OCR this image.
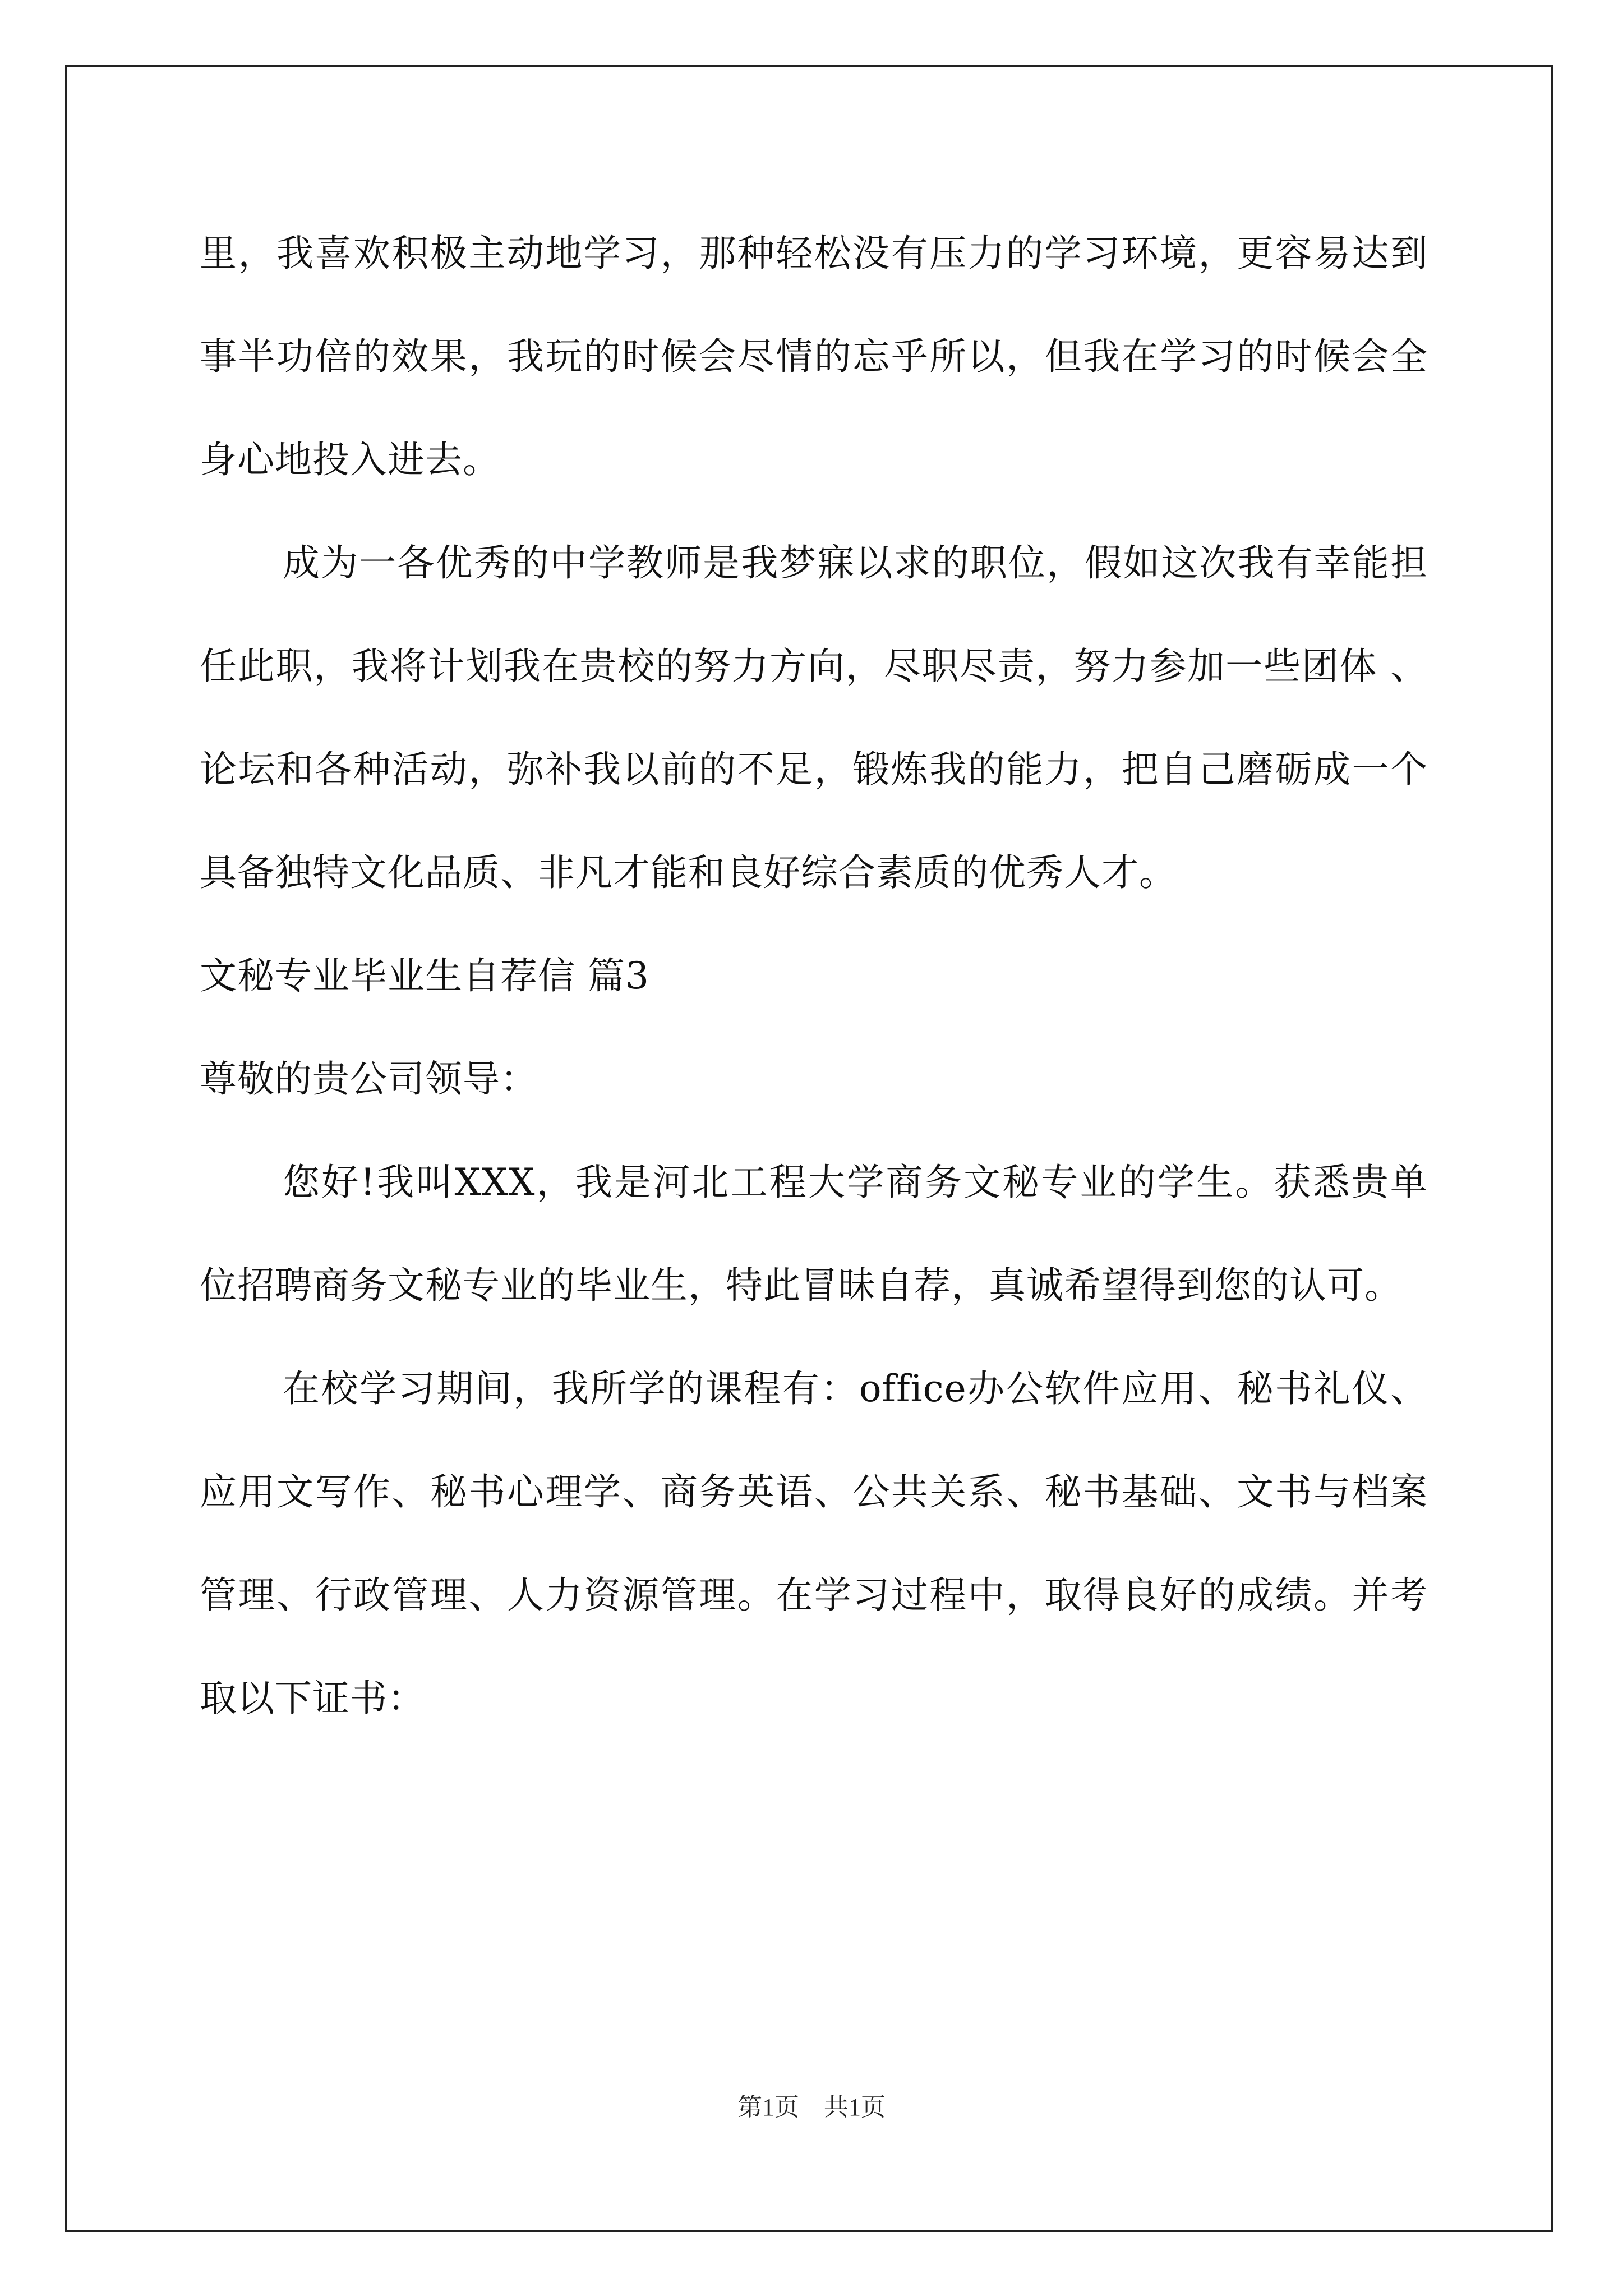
里，我喜欢积极主动地学习，那种轻松没有压力的学习环境，更容易达到事半功倍的效果，我玩的时候会尽情的忘乎所以，但我在学习的时候会全身心地投入进去。

成为一各优秀的中学教师是我梦寐以求的职位，假如这次我有幸能担任此职，我将计划我在贵校的努力方向，尽职尽责，努力参加一些团体 、论坛和各种活动，弥补我以前的不足，锻炼我的能力，把自己磨砺成一个具备独特文化品质、非凡才能和良好综合素质的优秀人才。

文秘专业毕业生自荐信 篇3

尊敬的贵公司领导：

您好!我叫XXX，我是河北工程大学商务文秘专业的学生。获悉贵单位招聘商务文秘专业的毕业生，特此冒昧自荐，真诚希望得到您的认可。

在校学习期间，我所学的课程有：office办公软件应用、秘书礼仪、应用文写作、秘书心理学、商务英语、公共关系、秘书基础、文书与档案管理、行政管理、人力资源管理。在学习过程中，取得良好的成绩。并考取以下证书：

第1页　共1页
